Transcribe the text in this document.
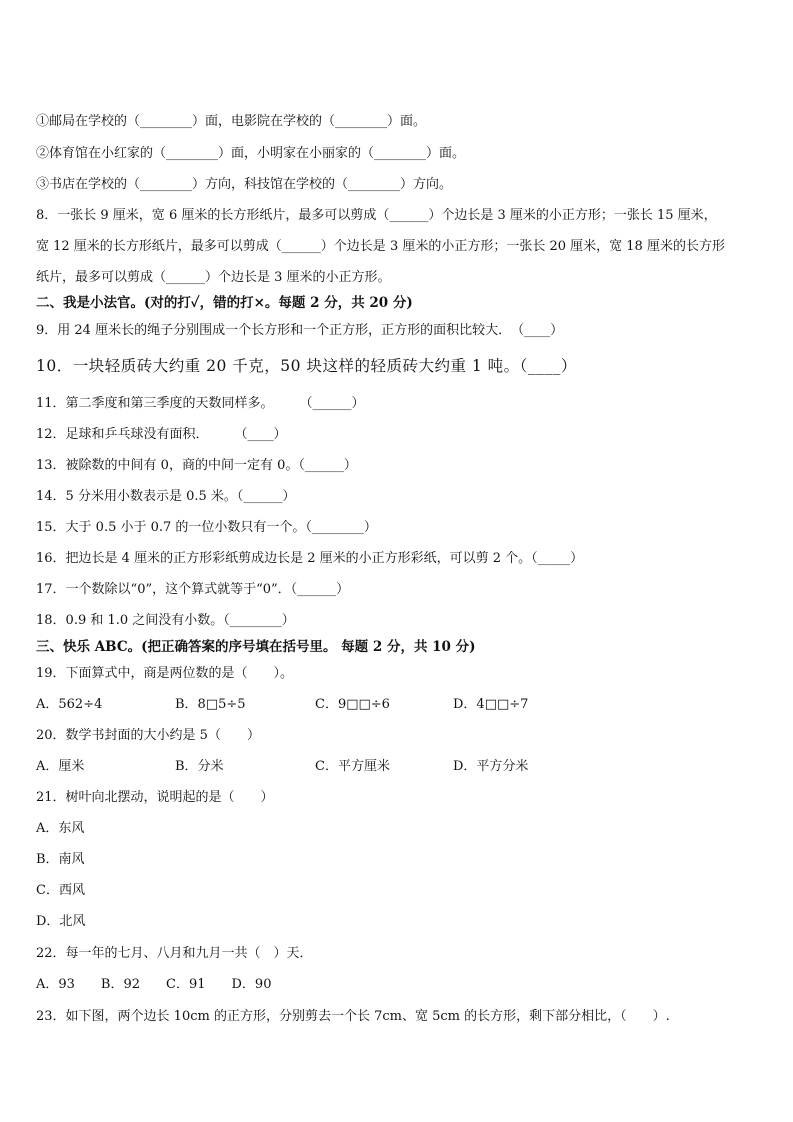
①邮局在学校的（________）面，电影院在学校的（________）面。
②体育馆在小红家的（________）面，小明家在小丽家的（________）面。
③书店在学校的（________）方向，科技馆在学校的（________）方向。
8．一张长 9 厘米，宽 6 厘米的长方形纸片，最多可以剪成（______）个边长是 3 厘米的小正方形；一张长 15 厘米，
宽 12 厘米的长方形纸片，最多可以剪成（______）个边长是 3 厘米的小正方形；一张长 20 厘米，宽 18 厘米的长方形
纸片，最多可以剪成（______）个边长是 3 厘米的小正方形。
二、我是小法官。(对的打✓，错的打×。每题 2 分，共 20 分)
9．用 24 厘米长的绳子分别围成一个长方形和一个正方形，正方形的面积比较大．　（____）
10．一块轻质砖大约重 20 千克，50 块这样的轻质砖大约重 1 吨。（____）
11．第二季度和第三季度的天数同样多。　　　（______）
12．足球和乒乓球没有面积．　　　（____）
13．被除数的中间有 0，商的中间一定有 0。（______）
14．5 分米用小数表示是 0.5 米。（______）
15．大于 0.5 小于 0.7 的一位小数只有一个。（________）
16．把边长是 4 厘米的正方形彩纸剪成边长是 2 厘米的小正方形彩纸，可以剪 2 个。（_____）
17．一个数除以“0”，这个算式就等于“0”．（______）
18．0.9 和 1.0 之间没有小数。（________）
三、快乐 ABC。(把正确答案的序号填在括号里。 每题 2 分，共 10 分)
19．下面算式中，商是两位数的是（　　）。
A．562÷4	B．8□5÷5	C．9□□÷6	D．4□□÷7
20．数学书封面的大小约是 5（　　）
A．厘米	B．分米	C．平方厘米	D．平方分米
21．树叶向北摆动，说明起的是（　　）
A．东风
B．南风
C．西风
D．北风
22．每一年的七月、八月和九月一共（　）天．
A．93　　B．92　　C．91　　D．90
23．如下图，两个边长 10cm 的正方形，分别剪去一个长 7cm、宽 5cm 的长方形，剩下部分相比，（　　）.
